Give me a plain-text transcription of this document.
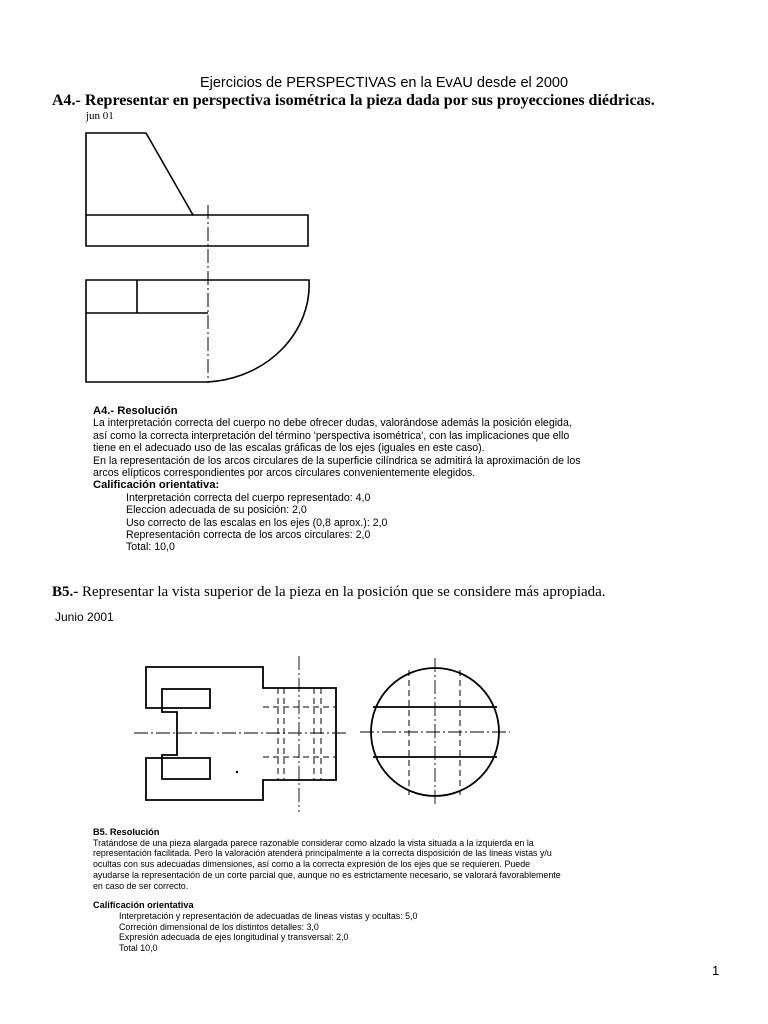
Ejercicios de PERSPECTIVAS en la EvAU desde el 2000
A4.- Representar en perspectiva isométrica la pieza dada por sus proyecciones diédricas.
jun 01

A4.- Resolución

La interpretación correcta del cuerpo no debe ofrecer dudas, valorándose además la posición elegida, así como la correcta interpretación del término 'perspectiva isométrica', con las implicaciones que ello tiene en el adecuado uso de las escalas gráficas de los ejes (iguales en este caso).

En la representación de los arcos circulares de la superficie cilíndrica se admitirá la aproximación de los arcos elípticos correspondientes por arcos circulares convenientemente elegidos.

Calificación orientativa:

Interpretación correcta del cuerpo representado: 4,0

Eleccion adecuada de su posición: 2,0

Uso correcto de las escalas en los ejes (0,8 aprox.): 2,0

Representación correcta de los arcos circulares: 2,0

Total: 10,0

B5.- Representar la vista superior de la pieza en la posición que se considere más apropiada.
Junio 2001

B5. Resolución

Tratándose de una pieza alargada parece razonable considerar como alzado la vista situada a la izquierda en la representación facilitada. Pero la valoración atenderá principalmente a la correcta disposición de las lineas vistas y/u ocultas con sus adecuadas dimensiones, así como a la correcta expresión de los ejes que se requieren. Puede ayudarse la representación de un corte parcial que, aunque no es estrictamente necesario, se valorará favorablemente en caso de ser correcto.

Calificación orientativa

Interpretación y representación de adecuadas de lineas vistas y ocultas: 5,0

Correción dimensional de los distintos detalles: 3,0

Expresión adecuada de ejes longitudinal y transversal: 2,0

Total 10,0

1
